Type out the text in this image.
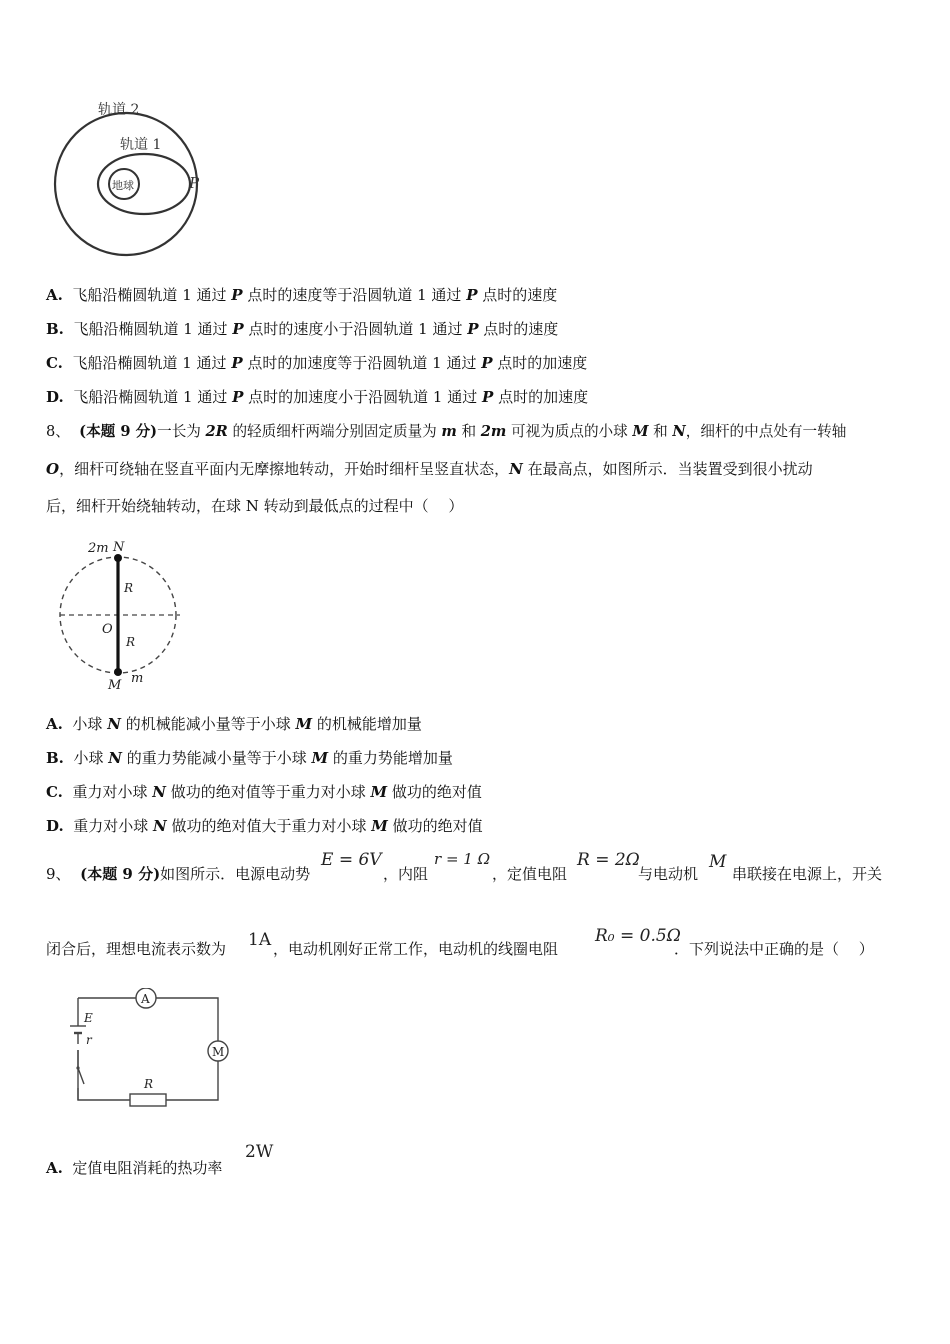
轨道 2
轨道 1
地球	P
A. 飞船沿椭圆轨道 1 通过 P 点时的速度等于沿圆轨道 1 通过 P 点时的速度
B. 飞船沿椭圆轨道 1 通过 P 点时的速度小于沿圆轨道 1 通过 P 点时的速度
C. 飞船沿椭圆轨道 1 通过 P 点时的加速度等于沿圆轨道 1 通过 P 点时的加速度
D. 飞船沿椭圆轨道 1 通过 P 点时的加速度小于沿圆轨道 1 通过 P 点时的加速度
8、 (本题 9 分)一长为 2R 的轻质细杆两端分别固定质量为 m 和 2m 可视为质点的小球 M 和 N，细杆的中点处有一转轴
O，细杆可绕轴在竖直平面内无摩擦地转动，开始时细杆呈竖直状态，N 在最高点，如图所示．当装置受到很小扰动
后，细杆开始绕轴转动，在球 N 转动到最低点的过程中（　 ）
2m N
R
O
R
M m
A. 小球 N 的机械能减小量等于小球 M 的机械能增加量
B. 小球 N 的重力势能减小量等于小球 M 的重力势能增加量
C. 重力对小球 N 做功的绝对值等于重力对小球 M 做功的绝对值
D. 重力对小球 N 做功的绝对值大于重力对小球 M 做功的绝对值
9、 (本题 9 分)如图所示．电源电动势
E = 6V
，内阻
r = 1 Ω
，定值电阻
R = 2Ω
与电动机
M
串联接在电源上，开关
闭合后，理想电流表示数为 1A ，电动机刚好正常工作，电动机的线圈电阻
R₀ = 0.5Ω
．下列说法中正确的是（　 ）
A
M
R
E
r
A. 定值电阻消耗的热功率
2W
